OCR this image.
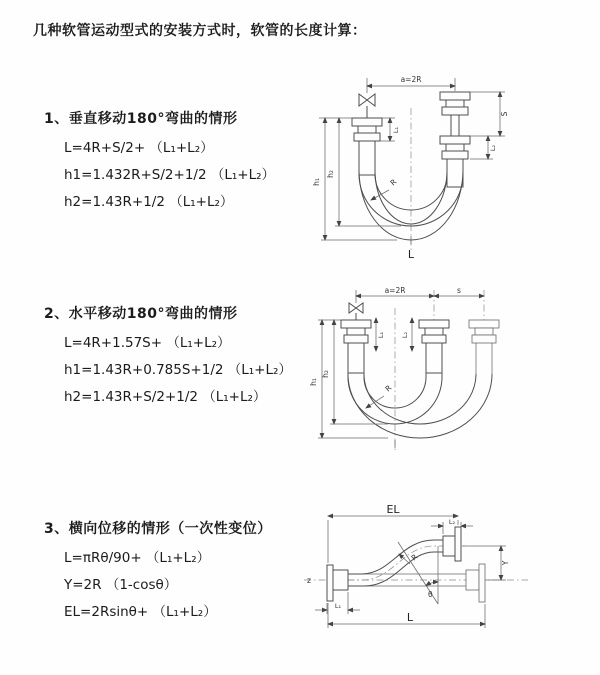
几种软管运动型式的安装方式时，软管的长度计算：
1、垂直移动180°弯曲的情形
L=4R+S/2+ （L₁+L₂）
h1=1.432R+S/2+1/2 （L₁+L₂）
h2=1.43R+1/2 （L₁+L₂）
2、水平移动180°弯曲的情形
L=4R+1.57S+ （L₁+L₂）
h1=1.43R+0.785S+1/2 （L₁+L₂）
h2=1.43R+S/2+1/2 （L₁+L₂）
3、横向位移的情形（一次性变位）
L=πRθ/90+ （L₁+L₂）
Y=2R （1-cosθ）
EL=2Rsinθ+ （L₁+L₂）
a=2R
L₁
S
L₂
h₁
h₂
R
L
a=2R	s
L₁ L₂
h₁
h₂
R
z
EL
L₂
Y
θ
R
L₁
L
